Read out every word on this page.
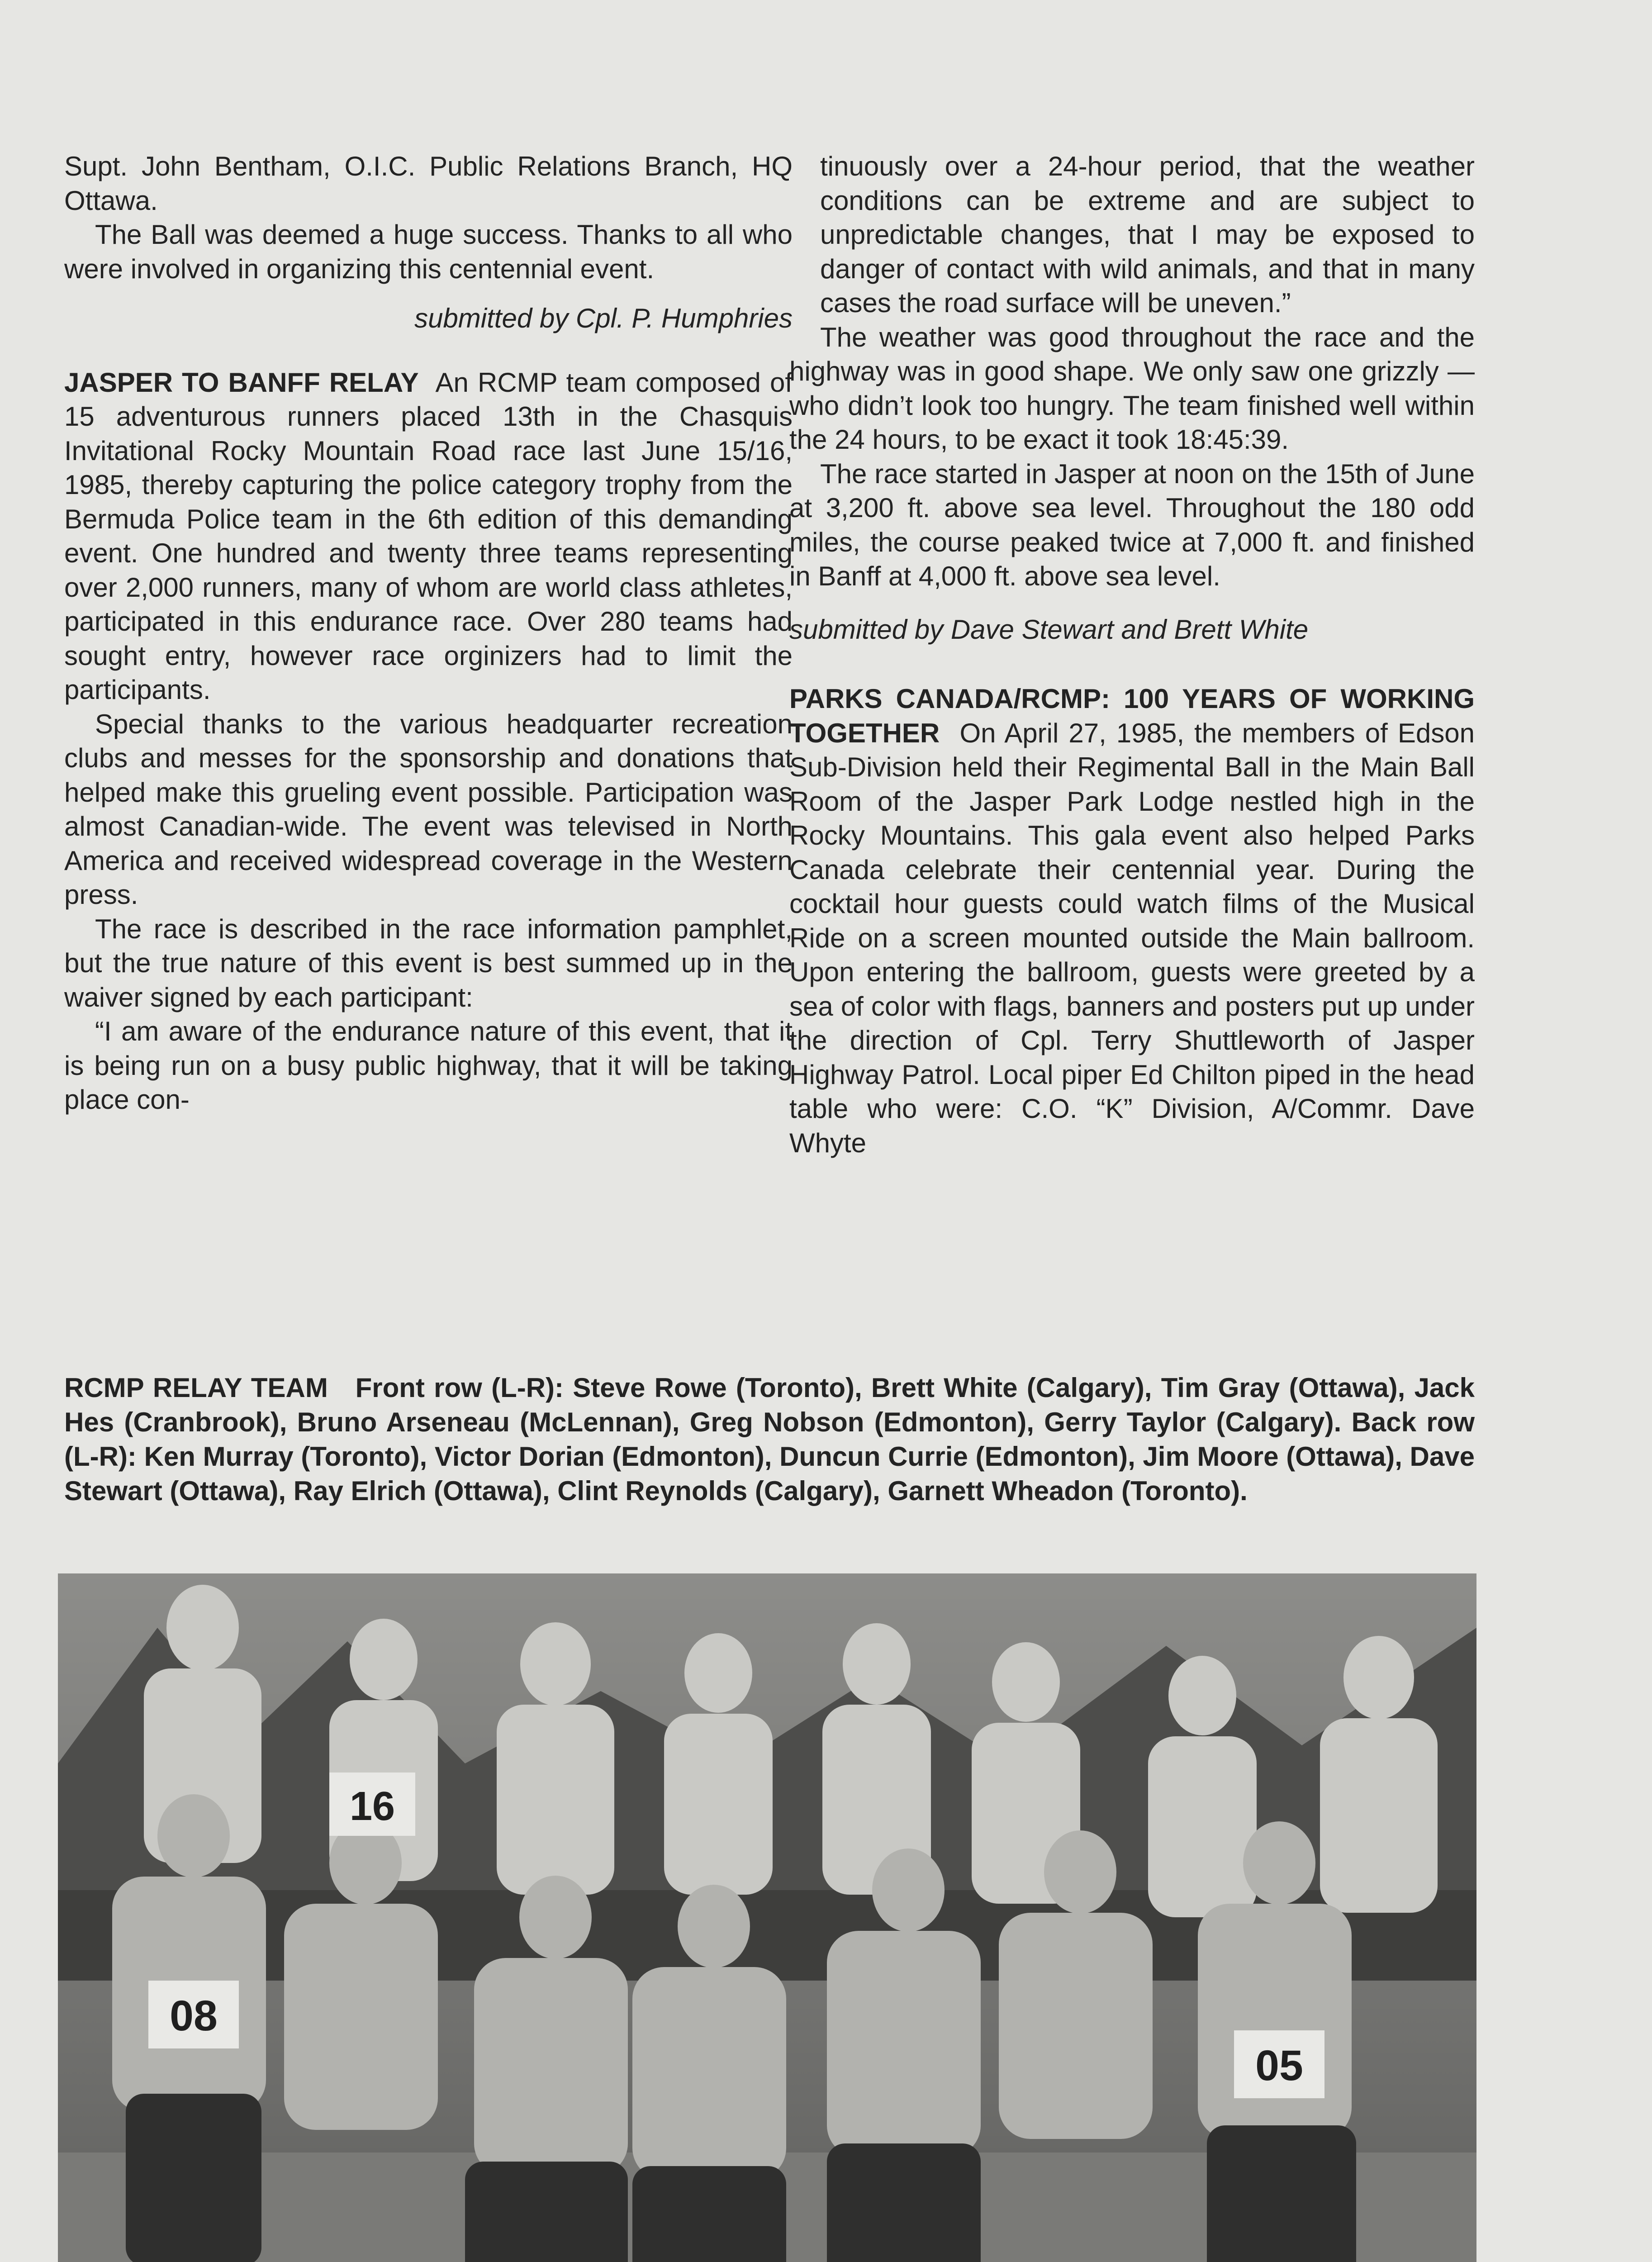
Supt. John Bentham, O.I.C. Public Relations Branch, HQ Ottawa.

The Ball was deemed a huge success. Thanks to all who were involved in organizing this centennial event.

submitted by Cpl. P. Humphries

JASPER TO BANFF RELAY An RCMP team composed of 15 adventurous runners placed 13th in the Chasquis Invitational Rocky Mountain Road race last June 15/16, 1985, thereby capturing the police category trophy from the Bermuda Police team in the 6th edition of this demanding event. One hundred and twenty three teams representing over 2,000 runners, many of whom are world class athletes, participated in this endurance race. Over 280 teams had sought entry, however race orginizers had to limit the participants.

Special thanks to the various headquarter recreation clubs and messes for the sponsorship and donations that helped make this grueling event possible. Participation was almost Canadian-wide. The event was televised in North America and received widespread coverage in the Western press.

The race is described in the race information pamphlet, but the true nature of this event is best summed up in the waiver signed by each participant:

“I am aware of the endurance nature of this event, that it is being run on a busy public highway, that it will be taking place con-

tinuously over a 24-hour period, that the weather conditions can be extreme and are subject to unpredictable changes, that I may be exposed to danger of contact with wild animals, and that in many cases the road surface will be uneven.”

The weather was good throughout the race and the highway was in good shape. We only saw one grizzly — who didn’t look too hungry. The team finished well within the 24 hours, to be exact it took 18:45:39.

The race started in Jasper at noon on the 15th of June at 3,200 ft. above sea level. Throughout the 180 odd miles, the course peaked twice at 7,000 ft. and finished in Banff at 4,000 ft. above sea level.

submitted by Dave Stewart and Brett White

PARKS CANADA/RCMP: 100 YEARS OF WORKING TOGETHER On April 27, 1985, the members of Edson Sub-Division held their Regimental Ball in the Main Ball Room of the Jasper Park Lodge nestled high in the Rocky Mountains. This gala event also helped Parks Canada celebrate their centennial year. During the cocktail hour guests could watch films of the Musical Ride on a screen mounted outside the Main ballroom. Upon entering the ballroom, guests were greeted by a sea of color with flags, banners and posters put up under the direction of Cpl. Terry Shuttleworth of Jasper Highway Patrol. Local piper Ed Chilton piped in the head table who were: C.O. “K” Division, A/Commr. Dave Whyte

RCMP RELAY TEAM Front row (L-R): Steve Rowe (Toronto), Brett White (Calgary), Tim Gray (Ottawa), Jack Hes (Cranbrook), Bruno Arseneau (McLennan), Greg Nobson (Edmonton), Gerry Taylor (Calgary). Back row (L-R): Ken Murray (Toronto), Victor Dorian (Edmonton), Duncun Currie (Edmonton), Jim Moore (Ottawa), Dave Stewart (Ottawa), Ray Elrich (Ottawa), Clint Reynolds (Calgary), Garnett Wheadon (Toronto).

16
08
05
